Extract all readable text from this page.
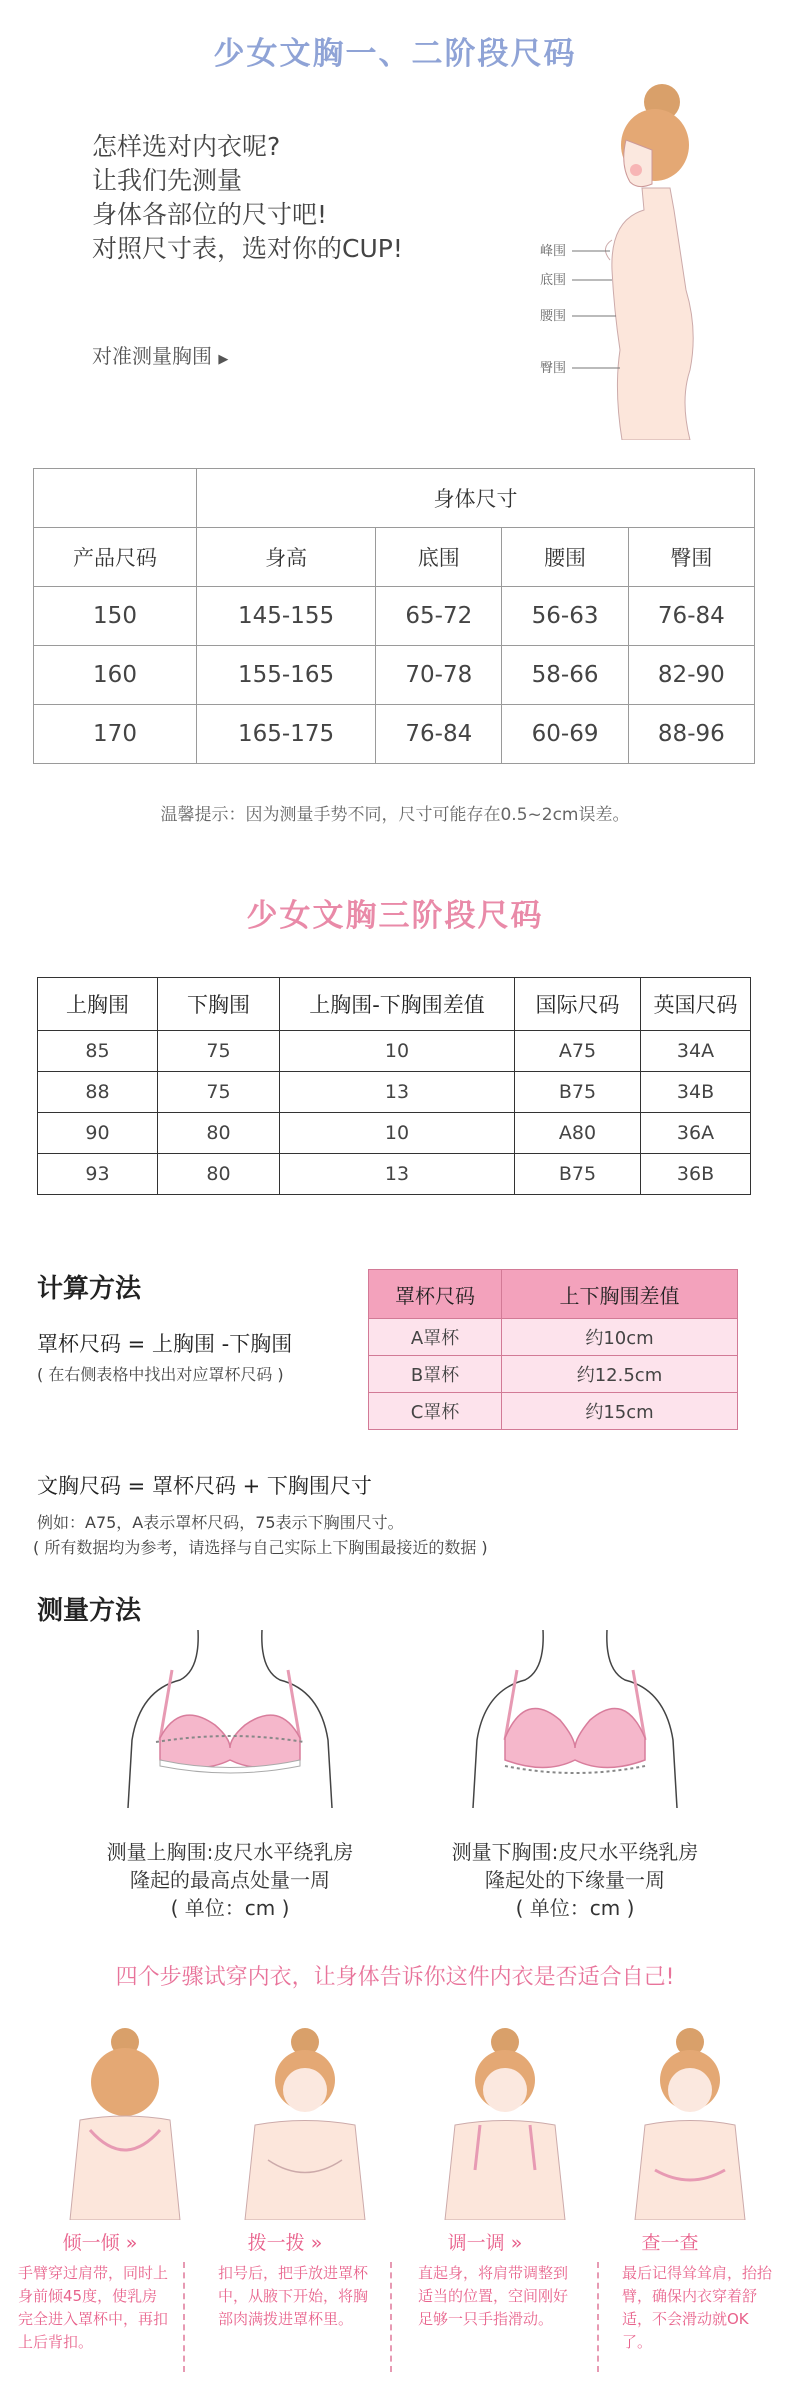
少女文胸一、二阶段尺码

怎样选对内衣呢?

让我们先测量

身体各部位的尺寸吧!

对照尺寸表，选对你的CUP!

对准测量胸围 ▶
峰围
底围
腰围
臀围
	身体尺寸			
产品尺码	身高	底围	腰围	臀围
150	145-155	65-72	56-63	76-84
160	155-165	70-78	58-66	82-90
170	165-175	76-84	60-69	88-96
温馨提示：因为测量手势不同，尺寸可能存在0.5~2cm误差。
少女文胸三阶段尺码
上胸围	下胸围	上胸围-下胸围差值	国际尺码	英国尺码
85	75	10	A75	34A
88	75	13	B75	34B
90	80	10	A80	36A
93	80	13	B75	36B
计算方法
罩杯尺码 = 上胸围 -下胸围
( 在右侧表格中找出对应罩杯尺码 )
罩杯尺码	上下胸围差值
A罩杯	约10cm
B罩杯	约12.5cm
C罩杯	约15cm
文胸尺码 = 罩杯尺码 + 下胸围尺寸
例如：A75，A表示罩杯尺码，75表示下胸围尺寸。
( 所有数据均为参考，请选择与自己实际上下胸围最接近的数据 )
测量方法
测量上胸围:皮尺水平绕乳房
隆起的最高点处量一周
( 单位：cm )
测量下胸围:皮尺水平绕乳房
隆起处的下缘量一周
( 单位：cm )
四个步骤试穿内衣，让身体告诉你这件内衣是否适合自己!
倾一倾 »	拨一拨 »	调一调 »	查一查
手臂穿过肩带，同时上身前倾45度，使乳房完全进入罩杯中，再扣上后背扣。
扣号后，把手放进罩杯中，从腋下开始，将胸部肉满拨进罩杯里。
直起身，将肩带调整到适当的位置，空间刚好足够一只手指滑动。
最后记得耸耸肩，抬抬臂，确保内衣穿着舒适，不会滑动就OK了。
